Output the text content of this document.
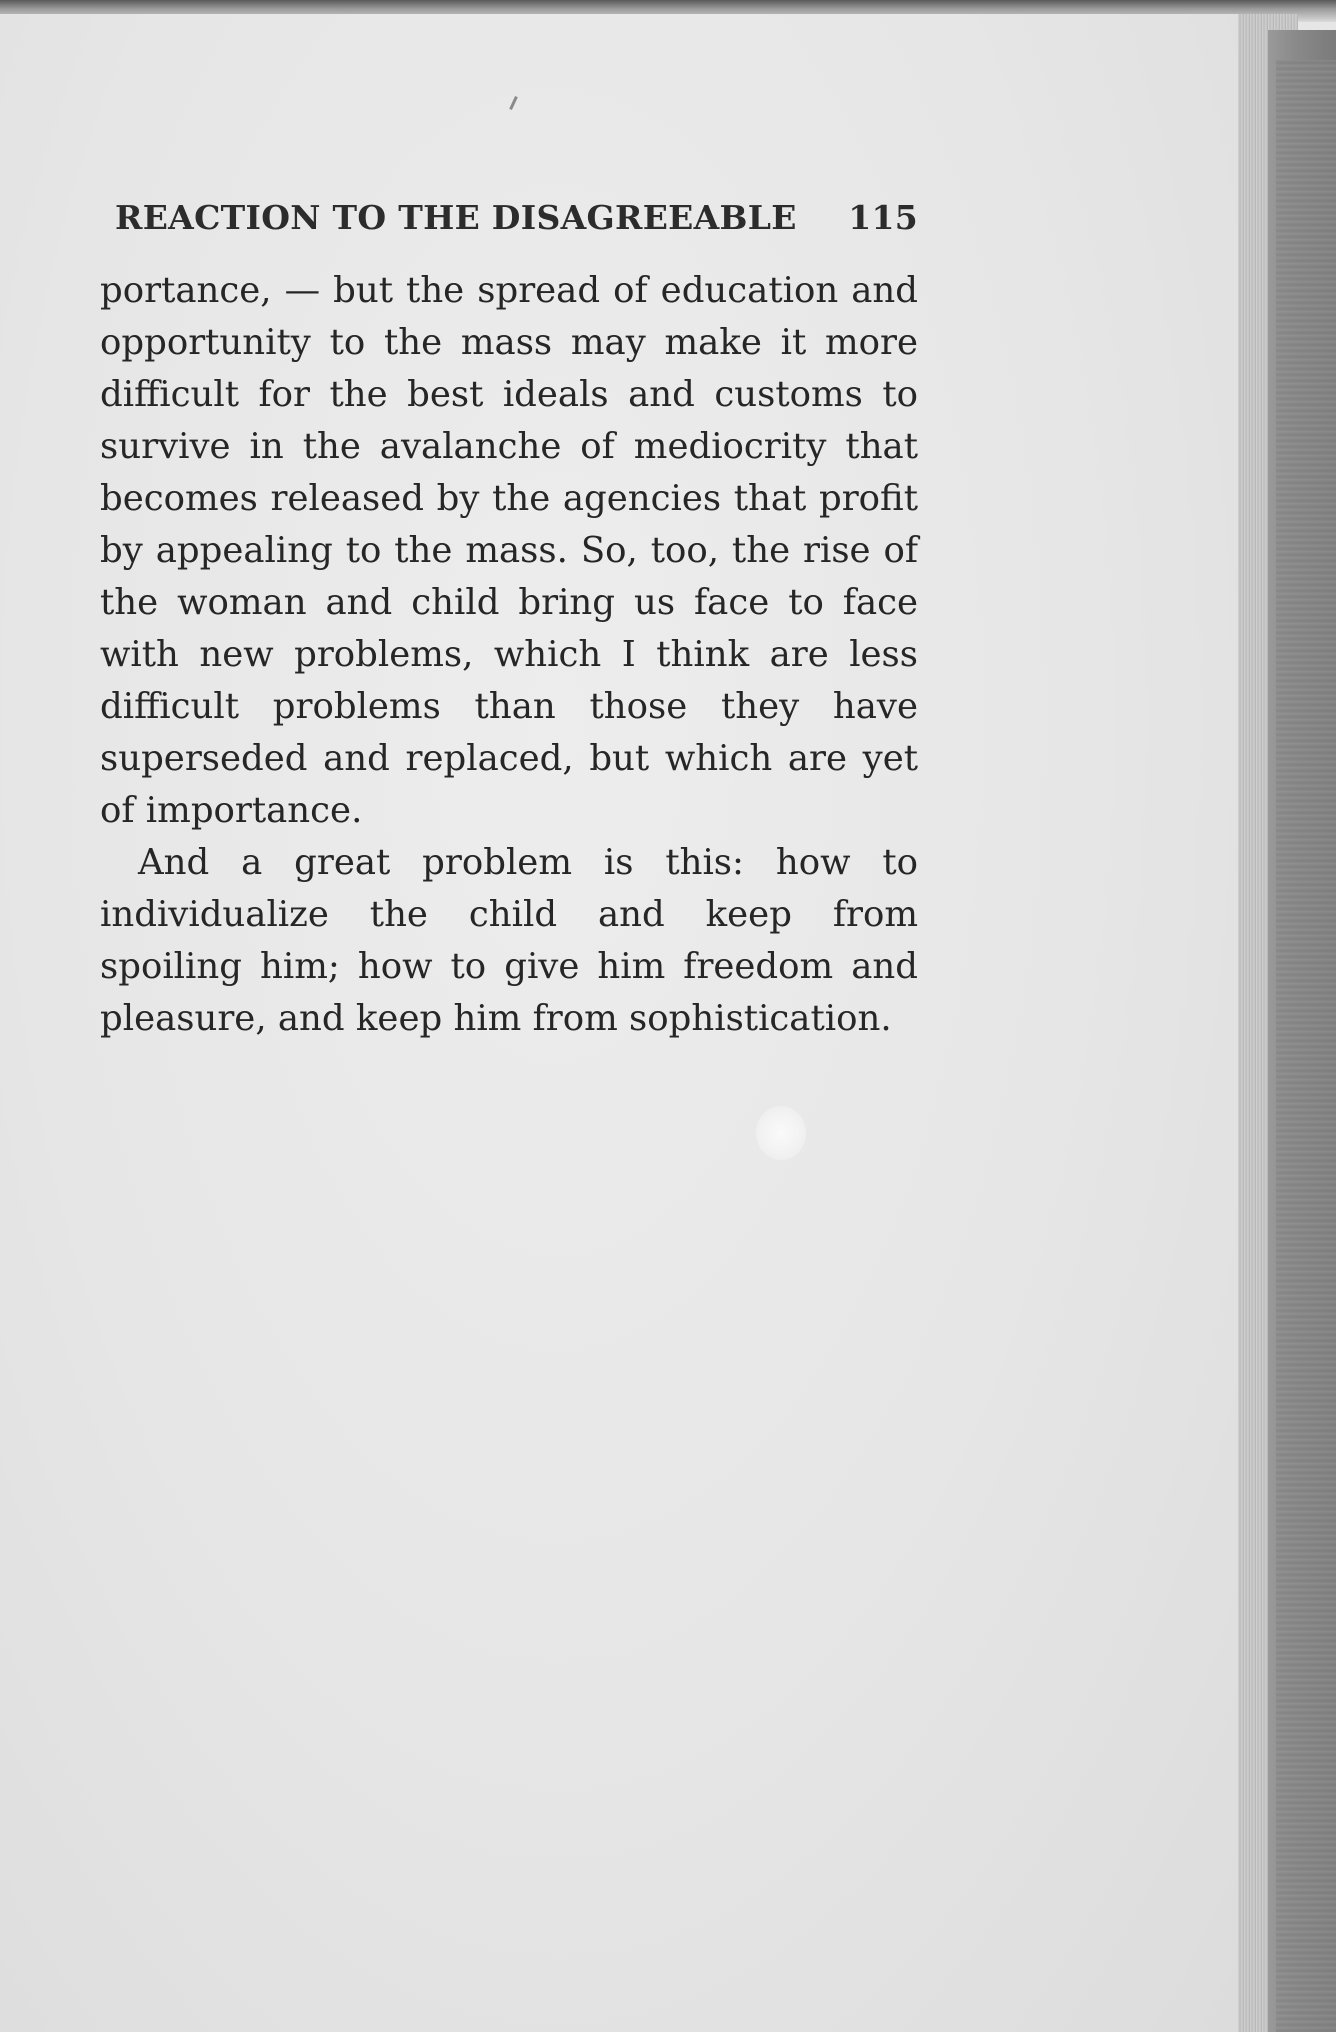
REACTION TO THE DISAGREEABLE 115

portance, — but the spread of education and opportunity to the mass may make it more difficult for the best ideals and customs to survive in the avalanche of mediocrity that becomes released by the agencies that profit by appealing to the mass. So, too, the rise of the woman and child bring us face to face with new problems, which I think are less difficult problems than those they have superseded and replaced, but which are yet of importance.

And a great problem is this: how to individualize the child and keep from spoiling him; how to give him freedom and pleasure, and keep him from sophistication.
